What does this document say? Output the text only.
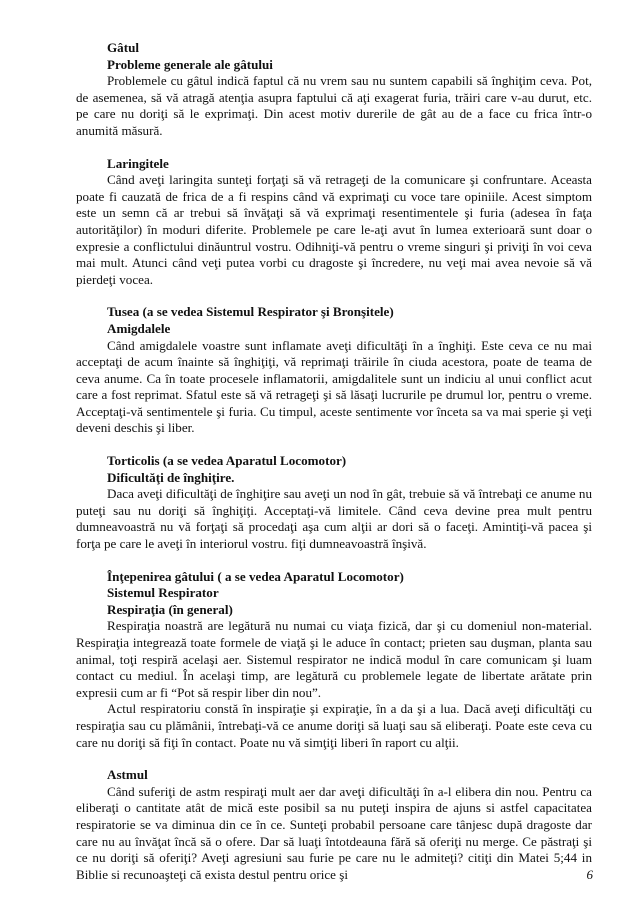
Gâtul
Probleme generale ale gâtului

Problemele cu gâtul indică faptul că nu vrem sau nu suntem capabili să înghiţim ceva. Pot, de asemenea, să vă atragă atenţia asupra faptului că aţi exagerat furia, trăiri care v-au durut, etc. pe care nu doriţi să le exprimaţi. Din acest motiv durerile de gât au de a face cu frica într-o anumită măsură.

Laringitele

Când aveţi laringita sunteţi forţaţi să vă retrageţi de la comunicare şi confruntare. Aceasta poate fi cauzată de frica de a fi respins când vă exprimaţi cu voce tare opiniile. Acest simptom este un semn că ar trebui să învăţaţi să vă exprimaţi resentimentele şi furia (adesea în faţa autorităţilor) în moduri diferite. Problemele pe care le-aţi avut în lumea exterioară sunt doar o expresie a conflictului dinăuntrul vostru. Odihniţi-vă pentru o vreme singuri şi priviţi în voi ceva mai mult. Atunci când veţi putea vorbi cu dragoste şi încredere, nu veţi mai avea nevoie să vă pierdeţi vocea.

Tusea (a se vedea Sistemul Respirator şi Bronşitele)
Amigdalele

Când amigdalele voastre sunt inflamate aveţi dificultăţi în a înghiţi. Este ceva ce nu mai acceptaţi de acum înainte să înghiţiţi, vă reprimaţi trăirile în ciuda acestora, poate de teama de ceva anume. Ca în toate procesele inflamatorii, amigdalitele sunt un indiciu al unui conflict acut care a fost reprimat. Sfatul este să vă retrageţi şi să lăsaţi lucrurile pe drumul lor, pentru o vreme. Acceptaţi-vă sentimentele şi furia. Cu timpul, aceste sentimente vor înceta sa va mai sperie şi veţi deveni deschis şi liber.

Torticolis (a se vedea Aparatul Locomotor)
Dificultăţi de înghiţire.

Daca aveţi dificultăţi de înghiţire sau aveţi un nod în gât, trebuie să vă întrebaţi ce anume nu puteţi sau nu doriţi să înghiţiţi. Acceptaţi-vă limitele. Când ceva devine prea mult pentru dumneavoastră nu vă forţaţi să procedaţi aşa cum alţii ar dori să o faceţi. Amintiţi-vă pacea şi forţa pe care le aveţi în interiorul vostru. fiţi dumneavoastră înşivă.

Înţepenirea gâtului ( a se vedea Aparatul Locomotor)
Sistemul Respirator
Respiraţia (în general)

Respiraţia noastră are legătură nu numai cu viaţa fizică, dar şi cu domeniul non-material. Respiraţia integrează toate formele de viaţă şi le aduce în contact; prieten sau duşman, planta sau animal, toţi respiră acelaşi aer. Sistemul respirator ne indică modul în care comunicam şi luam contact cu mediul. În acelaşi timp, are legătură cu problemele legate de libertate arătate prin expresii cum ar fi “Pot să respir liber din nou”.

Actul respiratoriu constă în inspiraţie şi expiraţie, în a da şi a lua. Dacă aveţi dificultăţi cu respiraţia sau cu plămânii, întrebaţi-vă ce anume doriţi să luaţi sau să eliberaţi. Poate este ceva cu care nu doriţi să fiţi în contact. Poate nu vă simţiţi liberi în raport cu alţii.

Astmul

Când suferiţi de astm respiraţi mult aer dar aveţi dificultăţi în a-l elibera din nou. Pentru ca eliberaţi o cantitate atât de mică este posibil sa nu puteţi inspira de ajuns si astfel capacitatea respiratorie se va diminua din ce în ce. Sunteţi probabil persoane care tânjesc după dragoste dar care nu au învăţat încă să o ofere. Dar să luaţi întotdeauna fără să oferiţi nu merge. Ce păstraţi şi ce nu doriţi să oferiţi? Aveţi agresiuni sau furie pe care nu le admiteţi? citiţi din Matei 5;44 in Biblie si recunoaşteţi că exista destul pentru orice şi	6
